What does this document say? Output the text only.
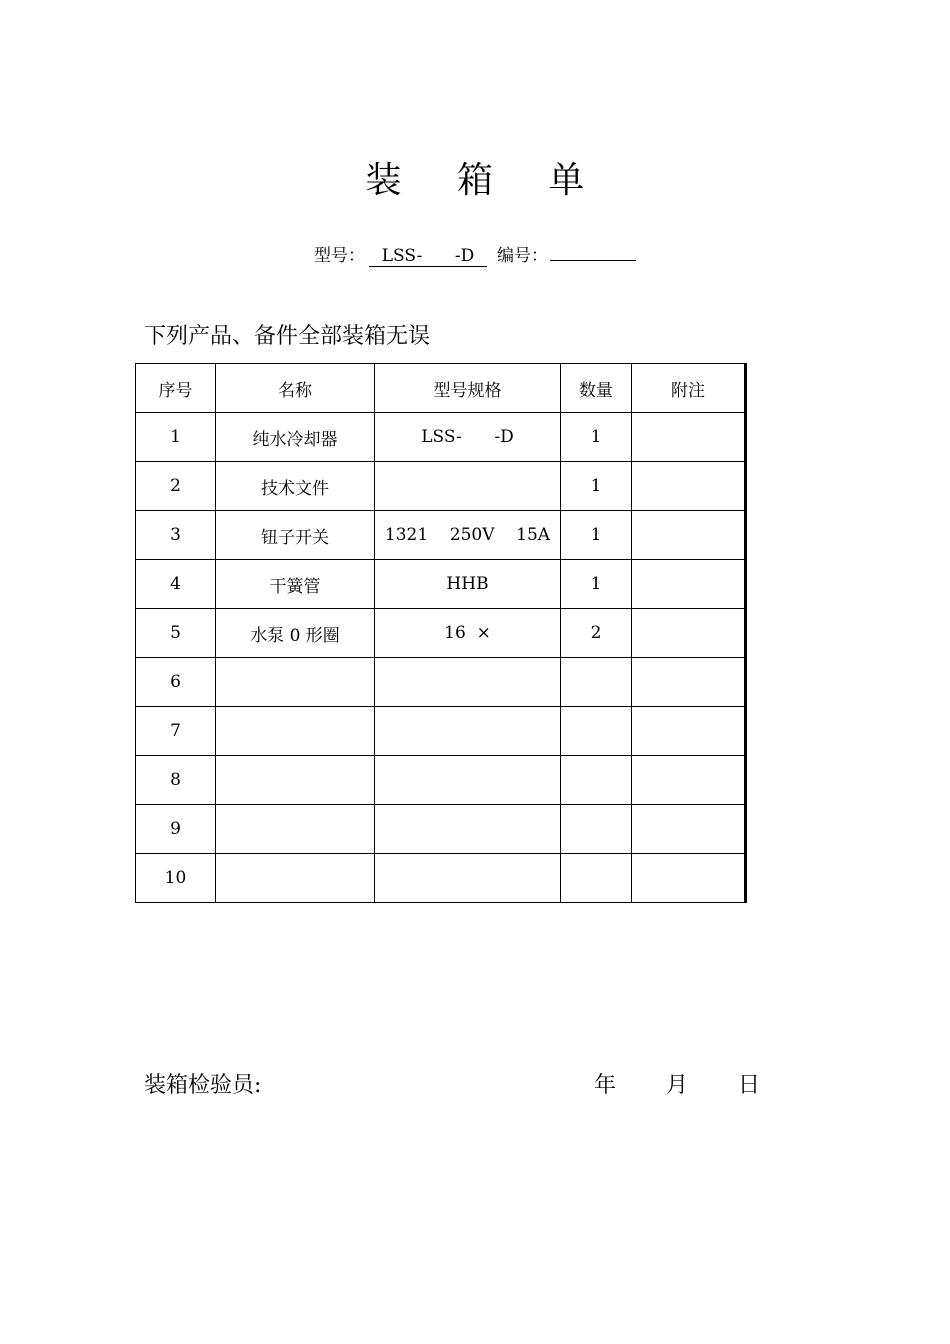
装 箱 单
型号： LSS-      -D 编号：
下列产品、备件全部装箱无误
序号	名称	型号规格	数量	附注
1	纯水冷却器	LSS-      -D	1	
2	技术文件		1	
3	钮子开关	1321    250V    15A	1	
4	干簧管	HHB	1	
5	水泵 0 形圈	16  ×	2	
6				
7				
8				
9				
10				
装箱检验员:	年 月 日
